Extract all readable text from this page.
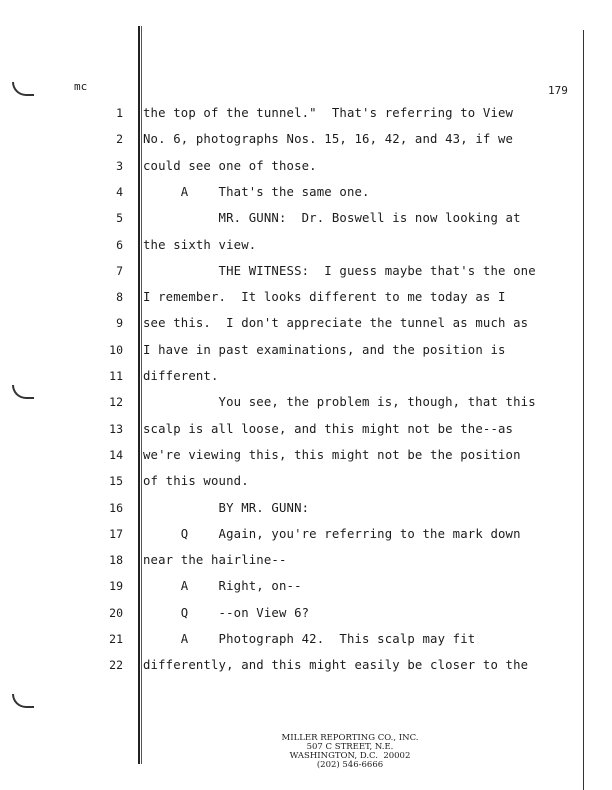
mc	179
1 the top of the tunnel."  That's referring to View
2 No. 6, photographs Nos. 15, 16, 42, and 43, if we
3 could see one of those.
4 A    That's the same one.
5 MR. GUNN:  Dr. Boswell is now looking at
6 the sixth view.
7 THE WITNESS:  I guess maybe that's the one
8 I remember.  It looks different to me today as I
9 see this.  I don't appreciate the tunnel as much as
10 I have in past examinations, and the position is
11 different.
12 You see, the problem is, though, that this
13 scalp is all loose, and this might not be the--as
14 we're viewing this, this might not be the position
15 of this wound.
16 BY MR. GUNN:
17 Q    Again, you're referring to the mark down
18 near the hairline--
19 A    Right, on--
20 Q    --on View 6?
21 A    Photograph 42.  This scalp may fit
22 differently, and this might easily be closer to the
MILLER REPORTING CO., INC.
507 C STREET, N.E.
WASHINGTON, D.C.  20002
(202) 546-6666
